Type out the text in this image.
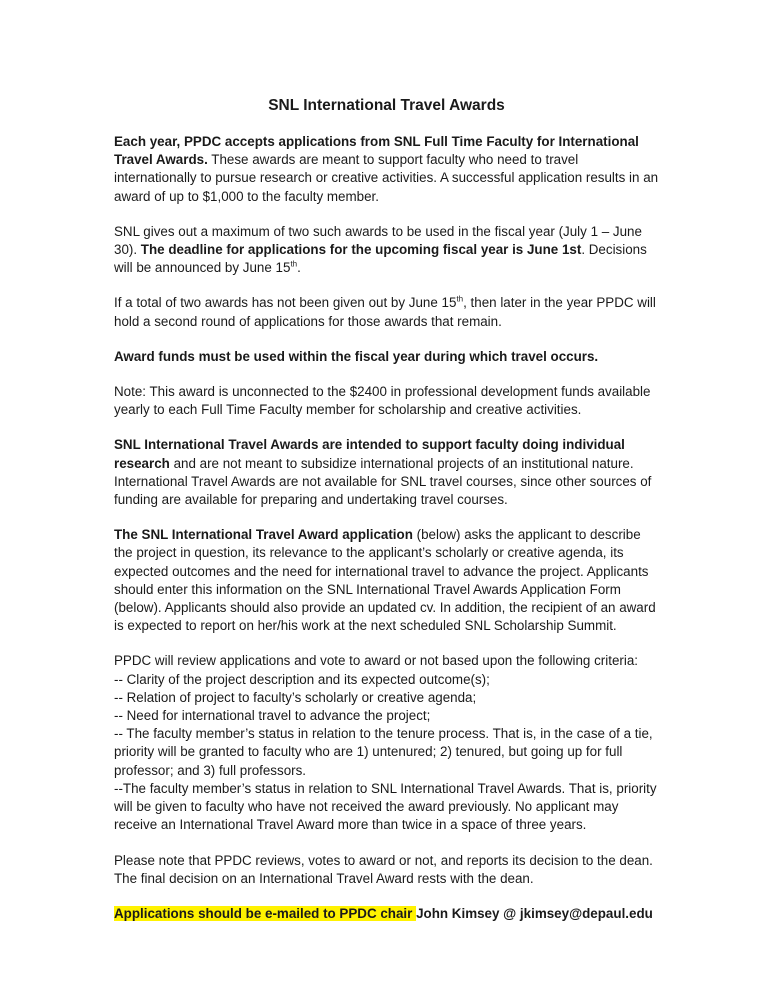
SNL International Travel Awards

Each year, PPDC accepts applications from SNL Full Time Faculty for International Travel Awards. These awards are meant to support faculty who need to travel internationally to pursue research or creative activities. A successful application results in an award of up to $1,000 to the faculty member.

SNL gives out a maximum of two such awards to be used in the fiscal year (July 1 – June 30). The deadline for applications for the upcoming fiscal year is June 1st. Decisions will be announced by June 15th.

If a total of two awards has not been given out by June 15th, then later in the year PPDC will hold a second round of applications for those awards that remain.

Award funds must be used within the fiscal year during which travel occurs.

Note: This award is unconnected to the $2400 in professional development funds available yearly to each Full Time Faculty member for scholarship and creative activities.

SNL International Travel Awards are intended to support faculty doing individual research and are not meant to subsidize international projects of an institutional nature. International Travel Awards are not available for SNL travel courses, since other sources of funding are available for preparing and undertaking travel courses.

The SNL International Travel Award application (below) asks the applicant to describe the project in question, its relevance to the applicant’s scholarly or creative agenda, its expected outcomes and the need for international travel to advance the project. Applicants should enter this information on the SNL International Travel Awards Application Form (below). Applicants should also provide an updated cv. In addition, the recipient of an award is expected to report on her/his work at the next scheduled SNL Scholarship Summit.

PPDC will review applications and vote to award or not based upon the following criteria:
-- Clarity of the project description and its expected outcome(s);
-- Relation of project to faculty’s scholarly or creative agenda;
-- Need for international travel to advance the project;
-- The faculty member’s status in relation to the tenure process. That is, in the case of a tie, priority will be granted to faculty who are 1) untenured; 2) tenured, but going up for full professor; and 3) full professors.
--The faculty member’s status in relation to SNL International Travel Awards. That is, priority will be given to faculty who have not received the award previously. No applicant may receive an International Travel Award more than twice in a space of three years.

Please note that PPDC reviews, votes to award or not, and reports its decision to the dean. The final decision on an International Travel Award rests with the dean.

Applications should be e-mailed to PPDC chair John Kimsey @ jkimsey@depaul.edu
